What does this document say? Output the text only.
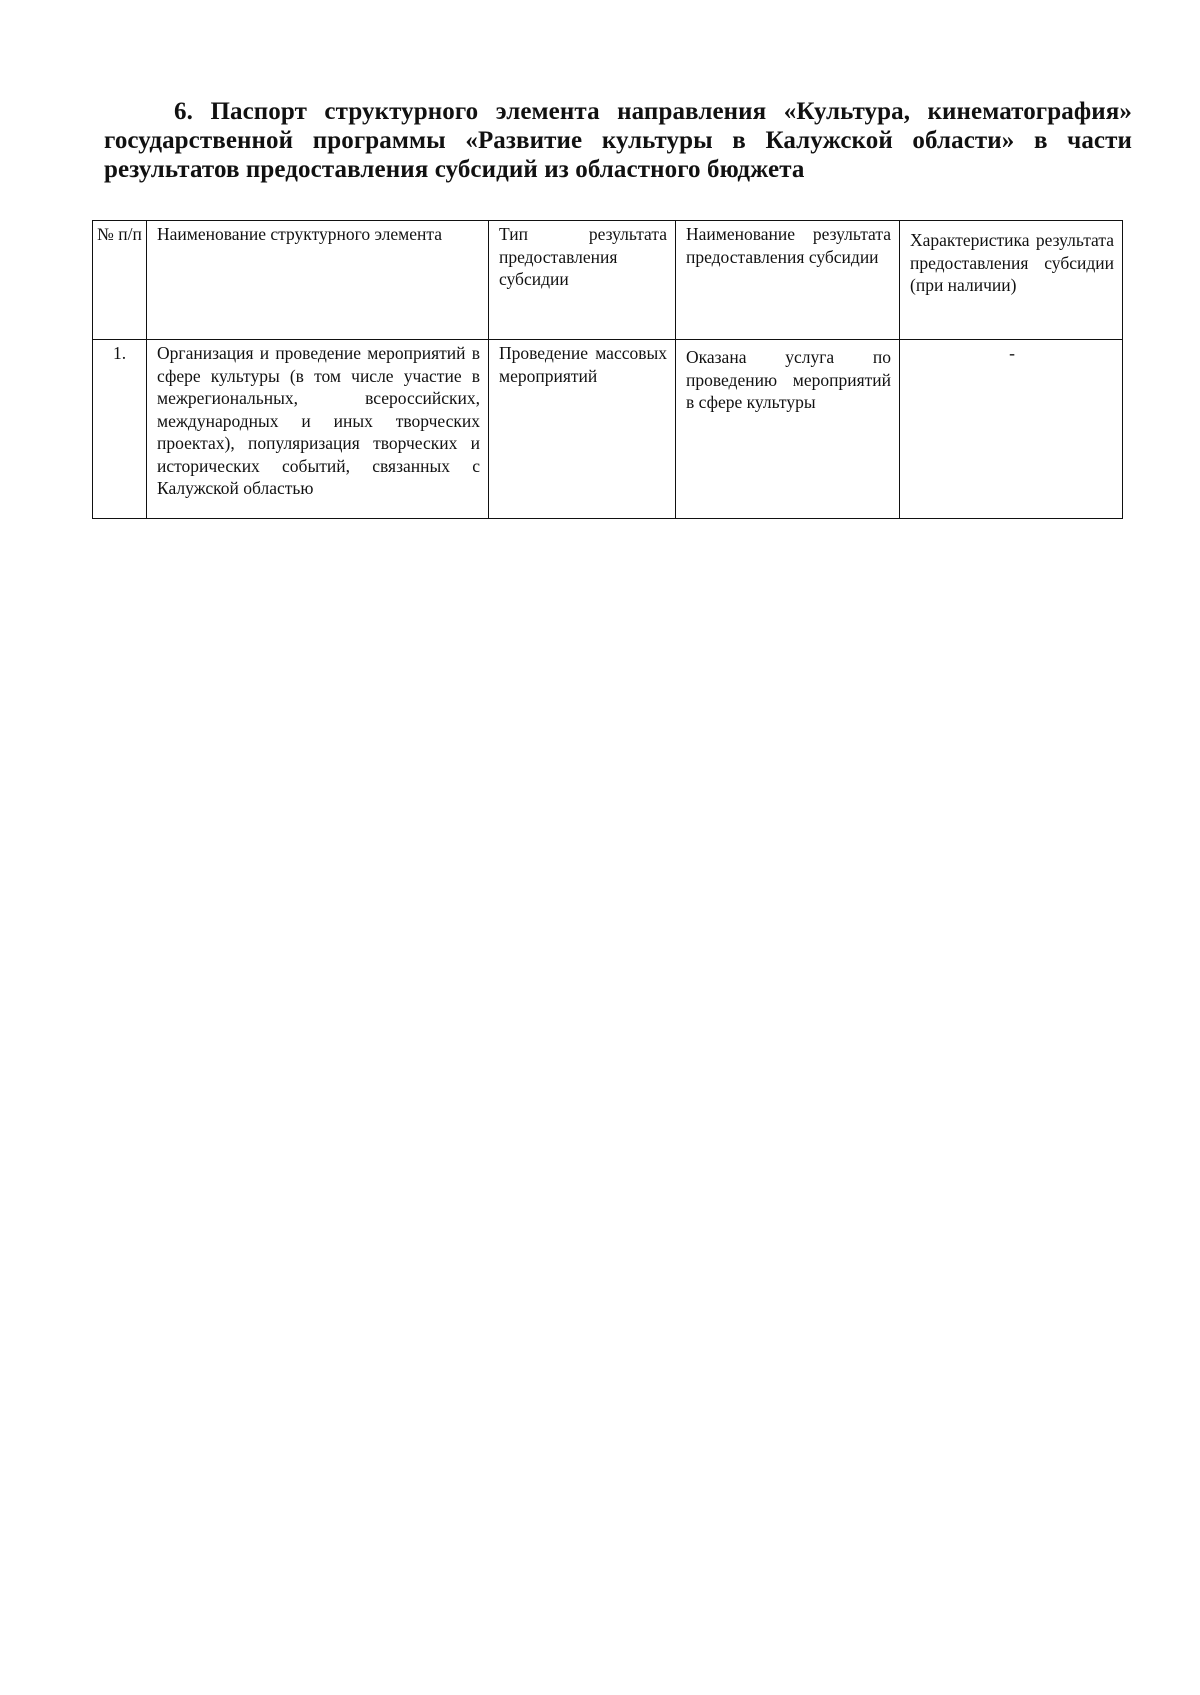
6. Паспорт структурного элемента направления «Культура, кинематография» государственной программы «Развитие культуры в Калужской области» в части результатов предоставления субсидий из областного бюджета
№ п/п	Наименование структурного элемента	Тип результата предоставления субсидии	Наименование результата предоставления субсидии	Характеристика результата предоставления субсидии (при наличии)

1.	Организация и проведение мероприятий в сфере культуры (в том числе участие в межрегиональных, всероссийских, международных и иных творческих проектах), популяризация творческих и исторических событий, связанных с Калужской областью	Проведение массовых мероприятий	Оказана услуга по проведению мероприятий в сфере культуры	-
